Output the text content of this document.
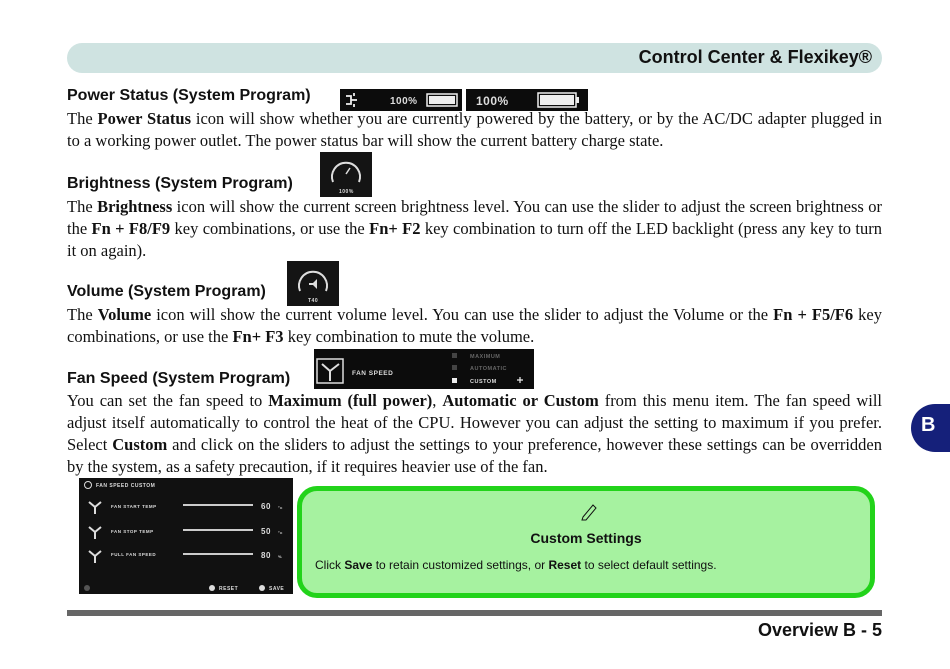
Control Center & Flexikey®
B
Power Status (System Program)	100%	100%
The Power Status icon will show whether you are currently powered by the battery, or by the AC/DC adapter plugged in to a working power outlet. The power status bar will show the current battery charge state.
Brightness (System Program)	100%
The Brightness icon will show the current screen brightness level. You can use the slider to adjust the screen brightness or the Fn + F8/F9 key combinations, or use the Fn+ F2 key combination to turn off the LED backlight (press any key to turn it on again).
Volume (System Program)
T40
The Volume icon will show the current volume level. You can use the slider to adjust the Volume or the Fn + F5/F6 key combinations, or use the Fn+ F3 key combination to mute the volume.
Fan Speed (System Program)	FAN SPEED
MAXIMUM
AUTOMATIC
CUSTOM
You can set the fan speed to Maximum (full power), Automatic or Custom from this menu item. The fan speed will adjust itself automatically to control the heat of the CPU. However you can adjust the setting to maximum if you prefer. Select Custom and click on the sliders to adjust the settings to your preference, however these settings can be overridden by the system, as a safety precaution, if it requires heavier use of the fan.
FAN SPEED CUSTOM
FAN START TEMP	60 °c
FAN STOP TEMP	50 °c
FULL FAN SPEED	80 %
RESET	SAVE
Custom Settings
Click Save to retain customized settings, or Reset to select default settings.
Overview B - 5
